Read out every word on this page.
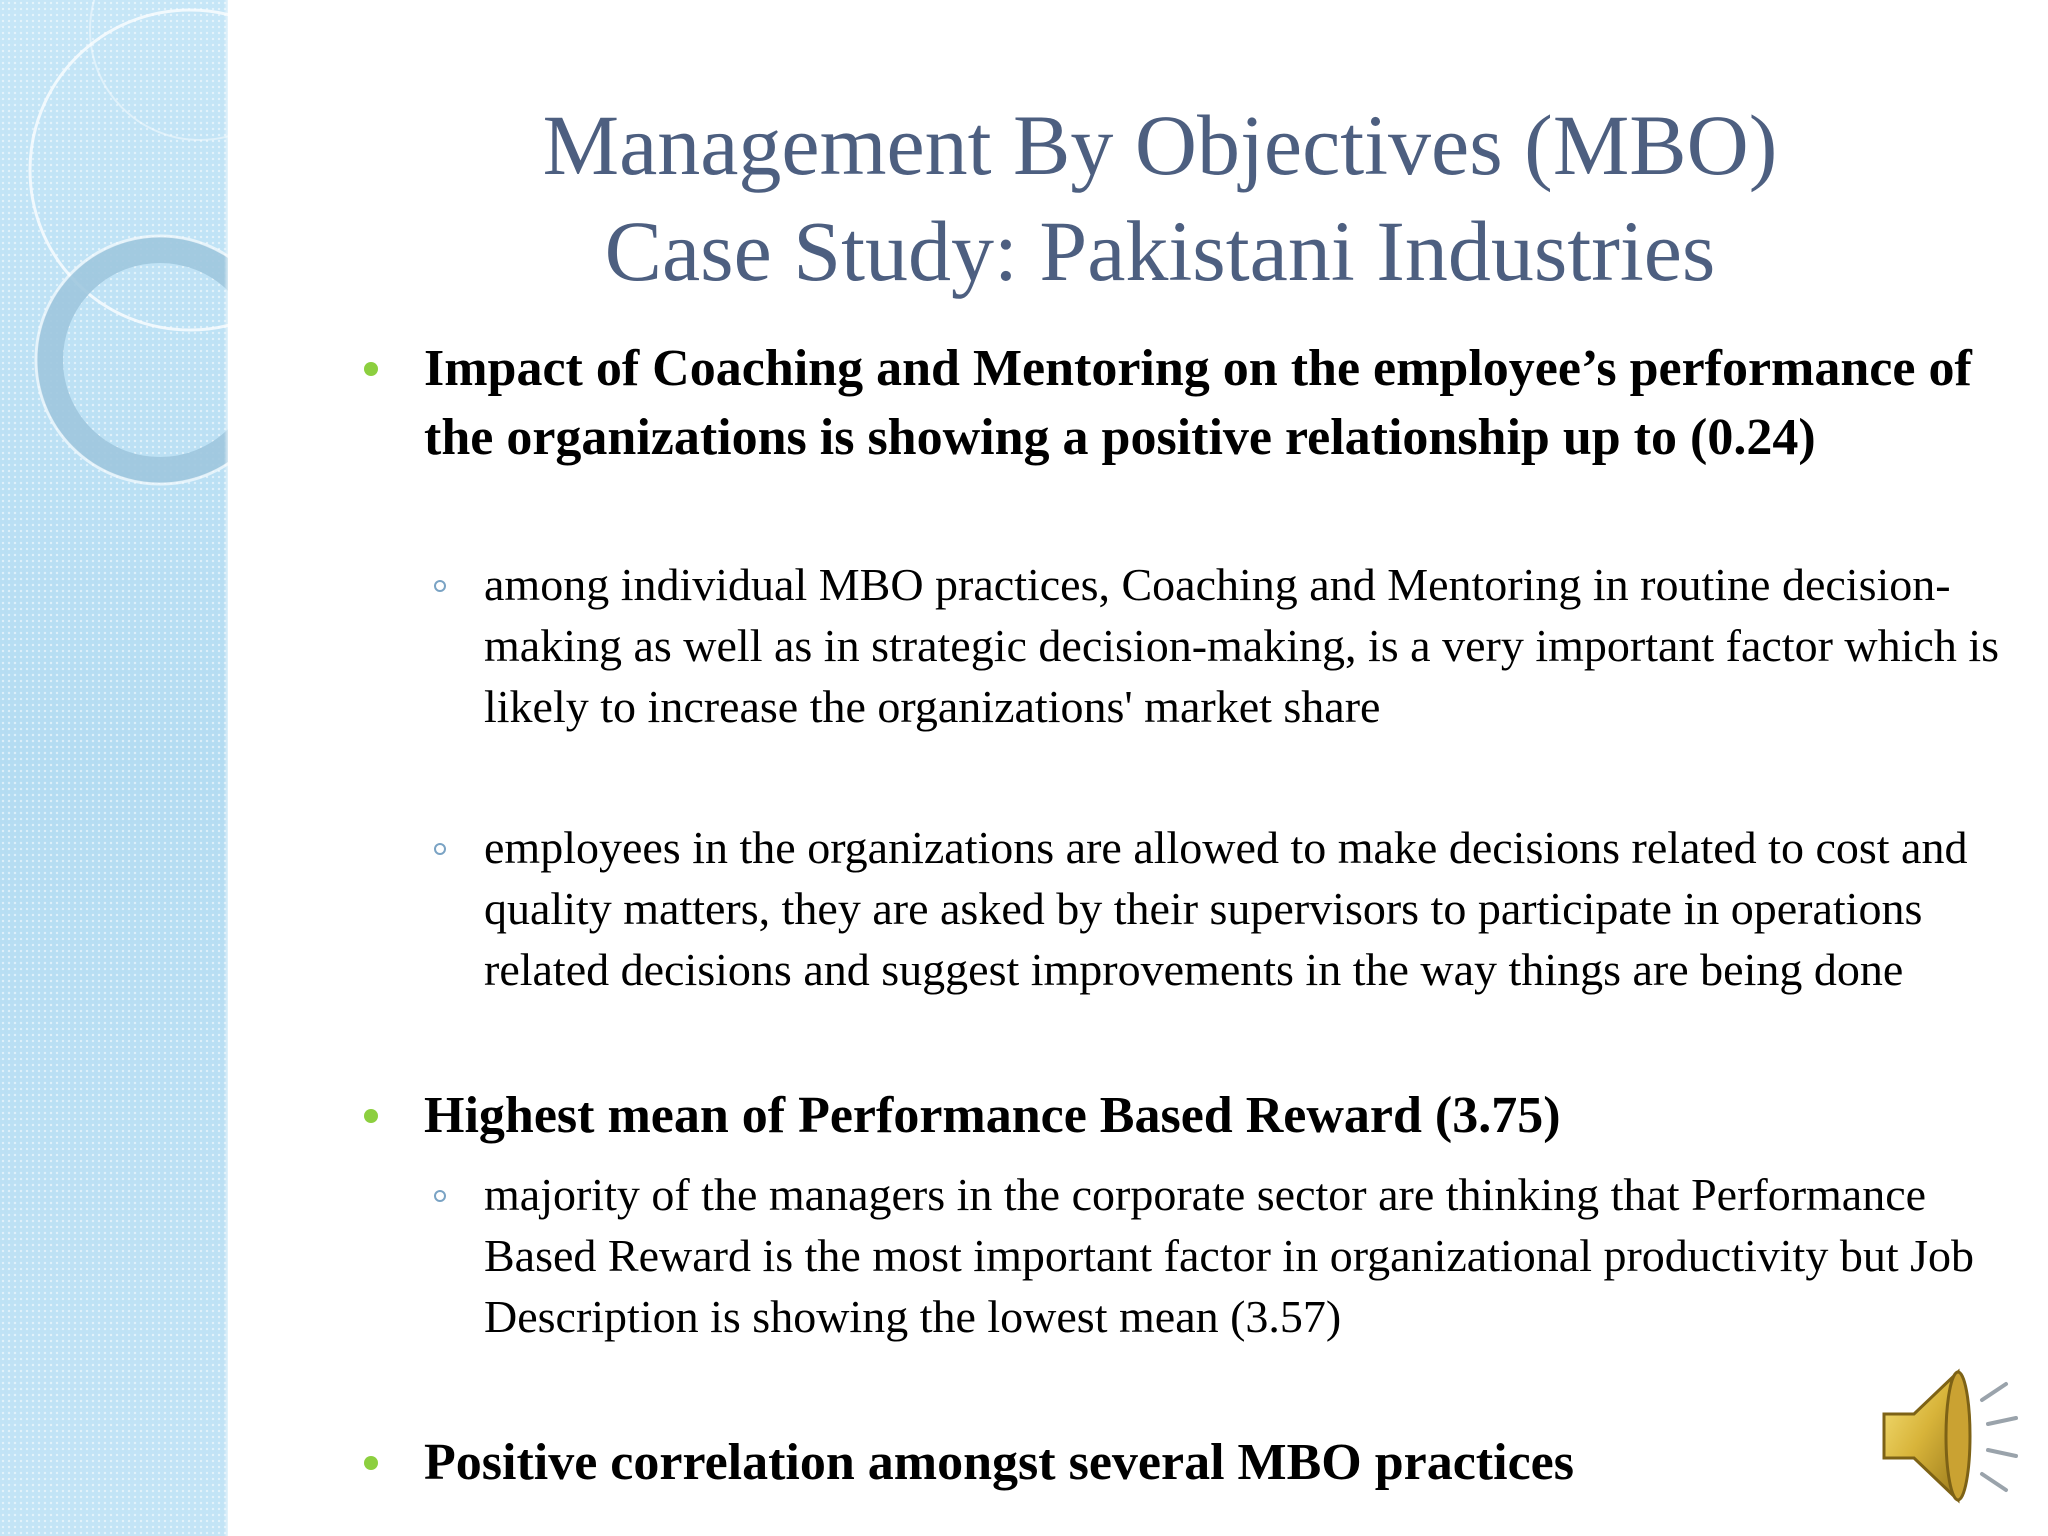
Management By Objectives (MBO)
Case Study: Pakistani Industries
Impact of Coaching and Mentoring on the employee’s performance of the organizations is showing a positive relationship up to (0.24)
among individual MBO practices, Coaching and Mentoring in routine decision-making as well as in strategic decision-making, is a very important factor which is likely to increase the organizations' market share
employees in the organizations are allowed to make decisions related to cost and quality matters, they are asked by their supervisors to participate in operations related decisions and suggest improvements in the way things are being done
Highest mean of Performance Based Reward (3.75)
majority of the managers in the corporate sector are thinking that Performance Based Reward is the most important factor in organizational productivity but Job Description is showing the lowest mean (3.57)
Positive correlation amongst several MBO practices
